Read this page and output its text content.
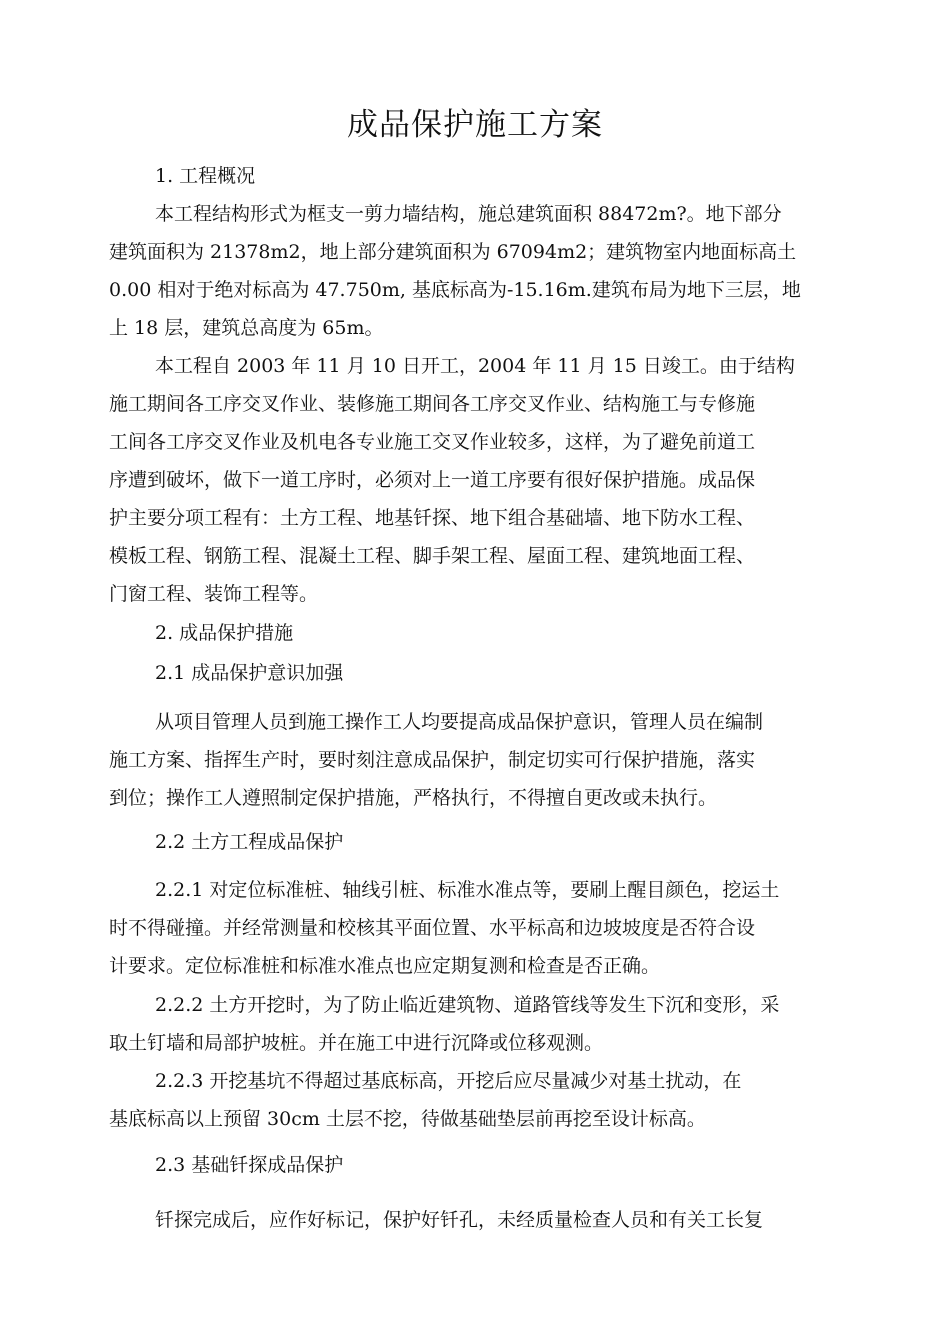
成品保护施工方案
1. 工程概况
本工程结构形式为框支一剪力墙结构，施总建筑面积 88472m?。地下部分
建筑面积为 21378m2，地上部分建筑面积为 67094m2；建筑物室内地面标高土
0.00 相对于绝对标高为 47.750m, 基底标高为-15.16m.建筑布局为地下三层，地
上 18 层，建筑总高度为 65m。
本工程自 2003 年 11 月 10 日开工，2004 年 11 月 15 日竣工。由于结构
施工期间各工序交叉作业、装修施工期间各工序交叉作业、结构施工与专修施
工间各工序交叉作业及机电各专业施工交叉作业较多，这样，为了避免前道工
序遭到破坏，做下一道工序时，必须对上一道工序要有很好保护措施。成品保
护主要分项工程有：土方工程、地基钎探、地下组合基础墙、地下防水工程、
模板工程、钢筋工程、混凝土工程、脚手架工程、屋面工程、建筑地面工程、
门窗工程、装饰工程等。
2. 成品保护措施
2.1 成品保护意识加强
从项目管理人员到施工操作工人均要提高成品保护意识，管理人员在编制
施工方案、指挥生产时，要时刻注意成品保护，制定切实可行保护措施，落实
到位；操作工人遵照制定保护措施，严格执行，不得擅自更改或未执行。
2.2 土方工程成品保护
2.2.1 对定位标准桩、轴线引桩、标准水准点等，要刷上醒目颜色，挖运土
时不得碰撞。并经常测量和校核其平面位置、水平标高和边坡坡度是否符合设
计要求。定位标准桩和标准水准点也应定期复测和检查是否正确。
2.2.2 土方开挖时，为了防止临近建筑物、道路管线等发生下沉和变形，采
取土钉墙和局部护坡桩。并在施工中进行沉降或位移观测。
2.2.3 开挖基坑不得超过基底标高，开挖后应尽量减少对基土扰动，在
基底标高以上预留 30cm 土层不挖，待做基础垫层前再挖至设计标高。
2.3 基础钎探成品保护
钎探完成后，应作好标记，保护好钎孔，未经质量检查人员和有关工长复
